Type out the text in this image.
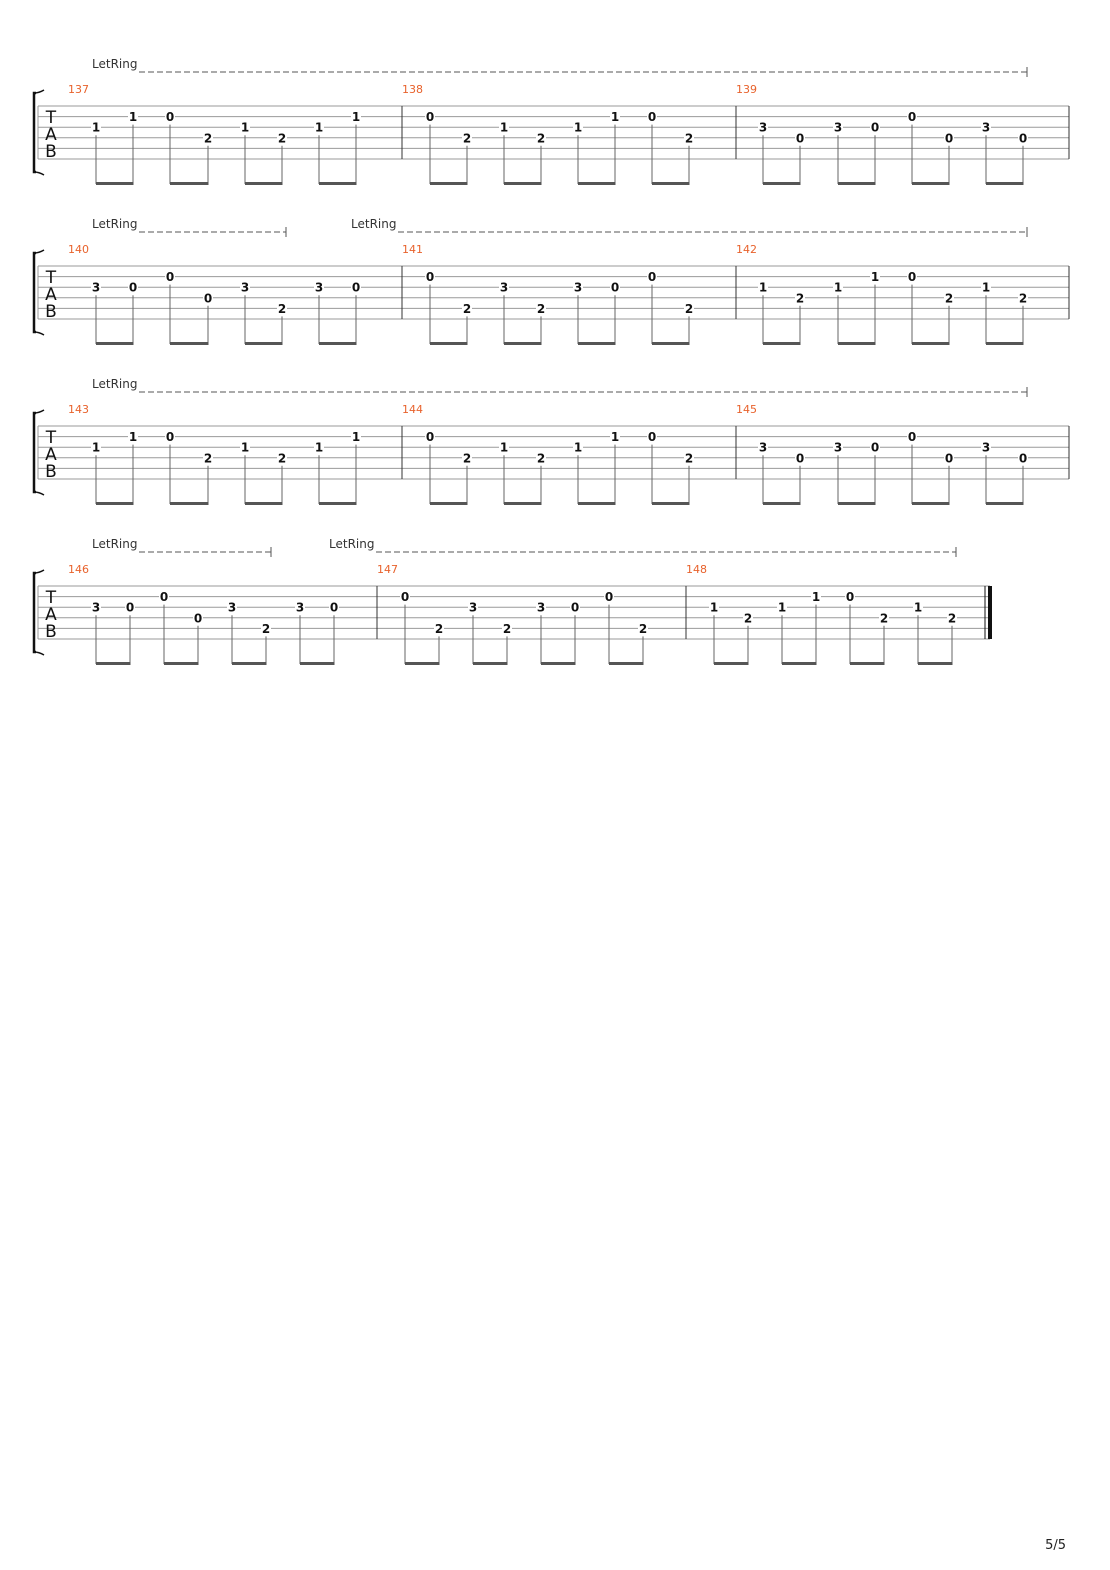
T
A
B
LetRing
137
1
1 0
2
1
2
1
1
138
0
2
1
2
1
1 0
2
139
3
0
3 0
0
0
3
0
T
A
B
LetRing	LetRing
140
3 0
0
0
3
2
3 0
141
0
2
3
2
3 0
0
2
142
1
2
1
1 0
2
1
2
T
A
B
LetRing
143
1
1 0
2
1
2
1
1
144
0
2
1
2
1
1 0
2
145
3
0
3 0
0
0
3
0
T
A
B
LetRing	LetRing
146
3 0
0
0
3
2
3 0
147
0
2
3
2
3 0
0
2
148
1
2
1
1 0
2
1
2
5/5
